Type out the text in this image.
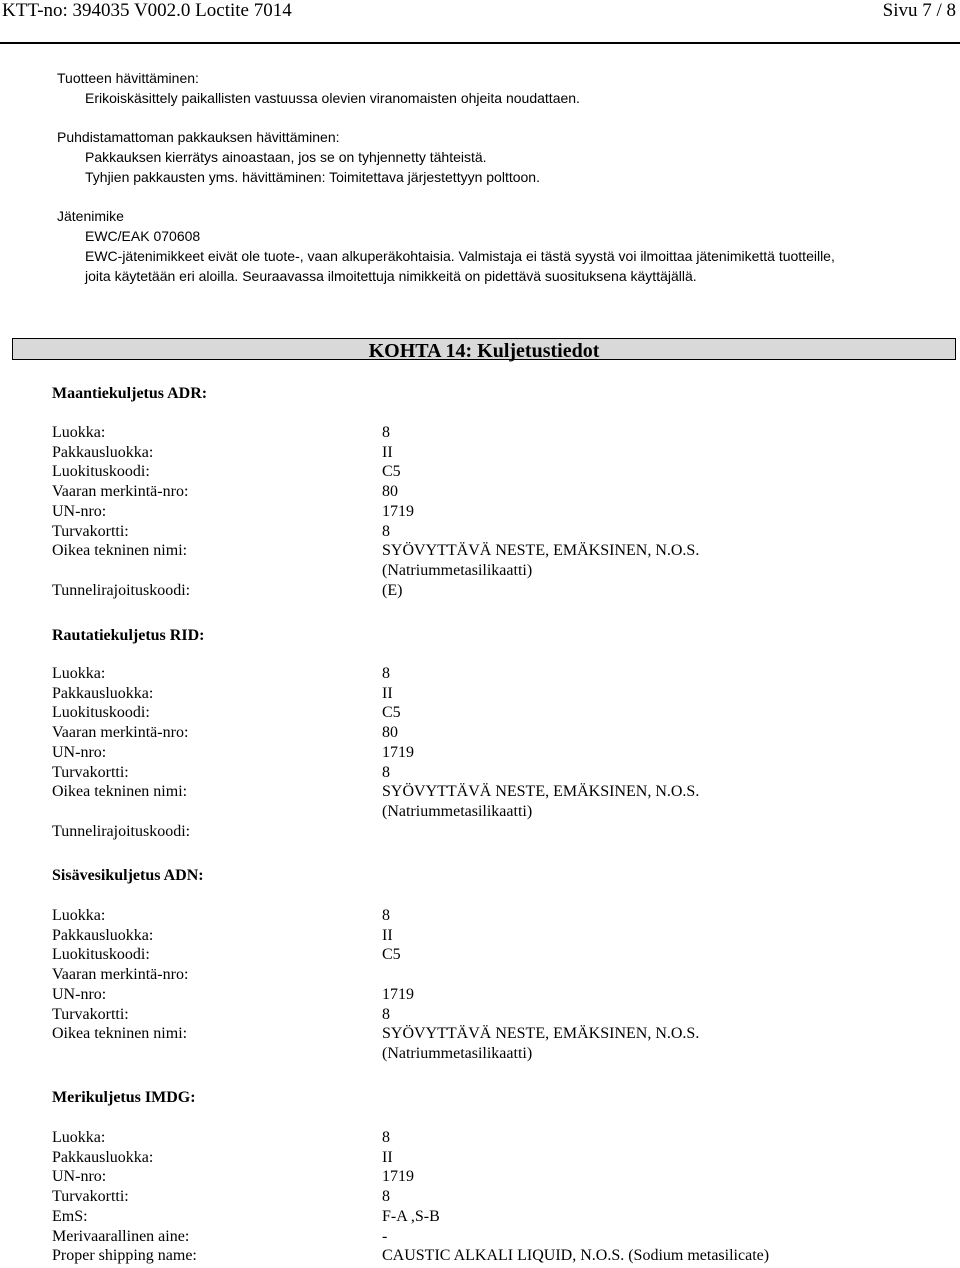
KTT-no: 394035 V002.0 Loctite 7014	Sivu 7 / 8
Tuotteen hävittäminen:
Erikoiskäsittely paikallisten vastuussa olevien viranomaisten ohjeita noudattaen.
Puhdistamattoman pakkauksen hävittäminen:
Pakkauksen kierrätys ainoastaan, jos se on tyhjennetty tähteistä.
Tyhjien pakkausten yms. hävittäminen: Toimitettava järjestettyyn polttoon.
Jätenimike
EWC/EAK 070608
EWC-jätenimikkeet eivät ole tuote-, vaan alkuperäkohtaisia. Valmistaja ei tästä syystä voi ilmoittaa jätenimikettä tuotteille,
joita käytetään eri aloilla. Seuraavassa ilmoitettuja nimikkeitä on pidettävä suosituksena käyttäjällä.
KOHTA 14: Kuljetustiedot
Maantiekuljetus ADR:
Luokka:	8
Pakkausluokka:	II
Luokituskoodi:	C5
Vaaran merkintä-nro:	80
UN-nro:	1719
Turvakortti:	8
Oikea tekninen nimi:	SYÖVYTTÄVÄ NESTE, EMÄKSINEN, N.O.S.
(Natriummetasilikaatti)
Tunnelirajoituskoodi:	(E)
Rautatiekuljetus RID:
Luokka:	8
Pakkausluokka:	II
Luokituskoodi:	C5
Vaaran merkintä-nro:	80
UN-nro:	1719
Turvakortti:	8
Oikea tekninen nimi:	SYÖVYTTÄVÄ NESTE, EMÄKSINEN, N.O.S.
(Natriummetasilikaatti)
Tunnelirajoituskoodi:
Sisävesikuljetus ADN:
Luokka:	8
Pakkausluokka:	II
Luokituskoodi:	C5
Vaaran merkintä-nro:
UN-nro:	1719
Turvakortti:	8
Oikea tekninen nimi:	SYÖVYTTÄVÄ NESTE, EMÄKSINEN, N.O.S.
(Natriummetasilikaatti)
Merikuljetus IMDG:
Luokka:	8
Pakkausluokka:	II
UN-nro:	1719
Turvakortti:	8
EmS:	F-A ,S-B
Merivaarallinen aine:	-
Proper shipping name:	CAUSTIC ALKALI LIQUID, N.O.S. (Sodium metasilicate)
